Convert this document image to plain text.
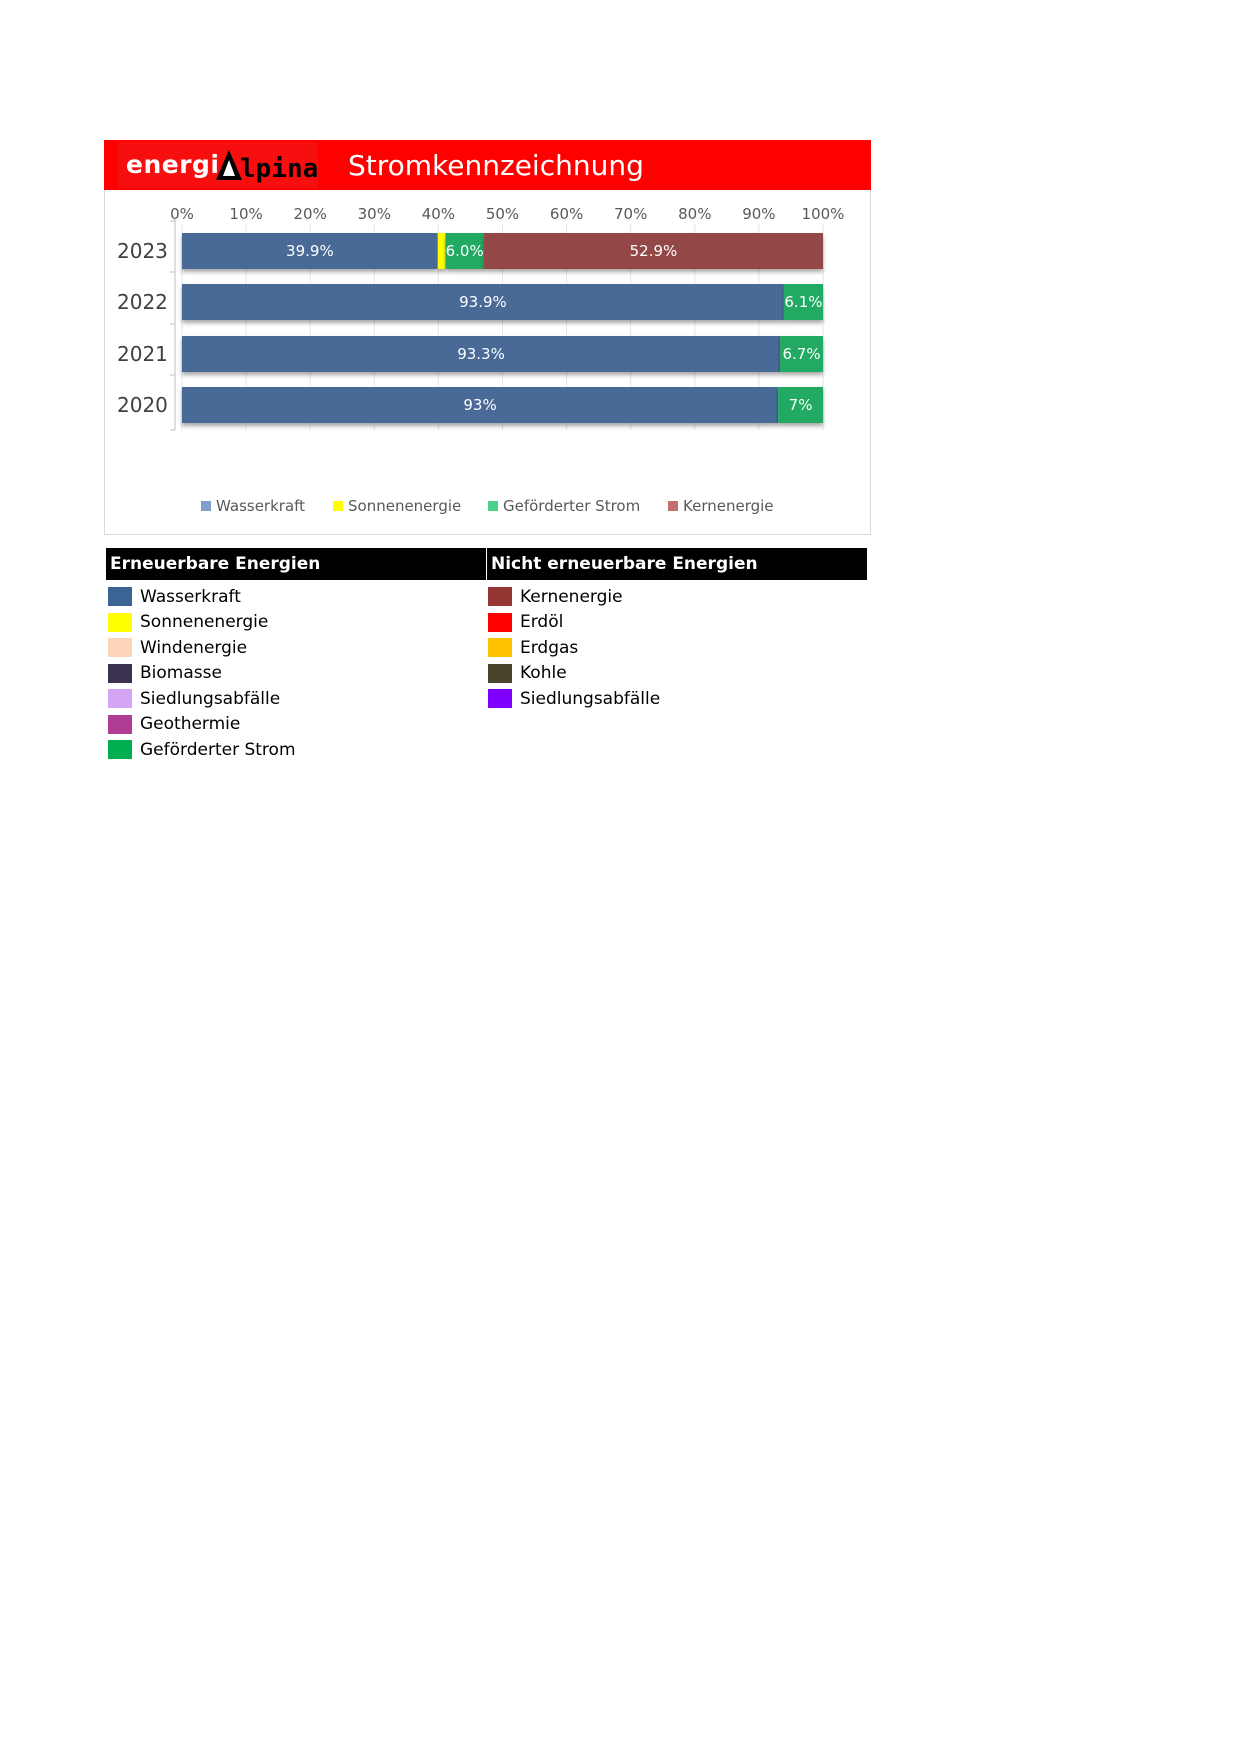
energi lpina Stromkennzeichnung
0% 10% 20% 30% 40% 50% 60% 70% 80% 90% 100%
2023	39.9%	6.0%	52.9%
2022	93.9%	6.1%
2021	93.3%	6.7%
2020	93%	7%
Wasserkraft	Sonnenenergie	Geförderter Strom	Kernenergie
Erneuerbare Energien	Nicht erneuerbare Energien
Wasserkraft
Sonnenenergie
Windenergie
Biomasse
Siedlungsabfälle
Geothermie
Geförderter Strom
Kernenergie
Erdöl
Erdgas
Kohle
Siedlungsabfälle
